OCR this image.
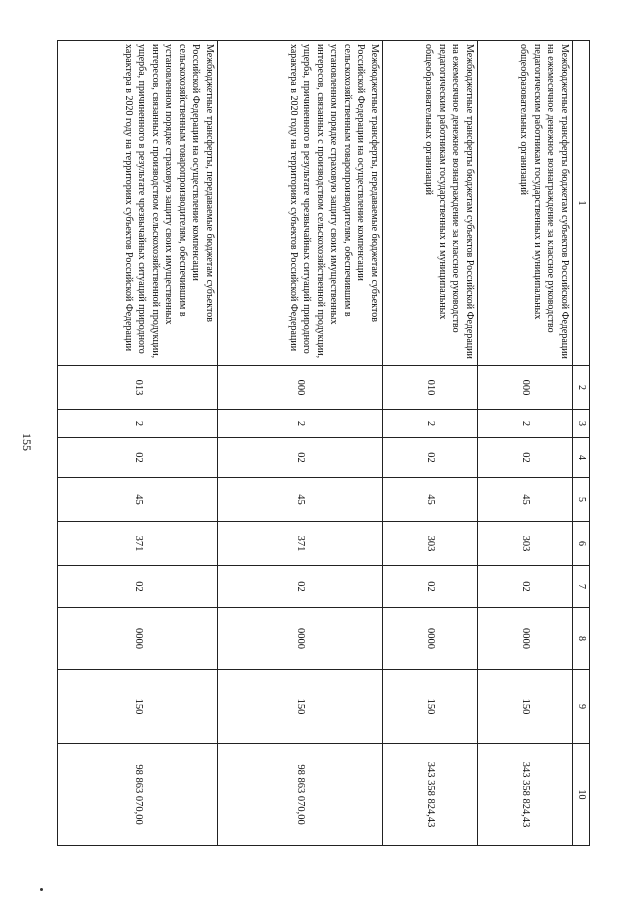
155
1	2	3	4	5	6	7	8	9	10
Межбюджетные трансферты бюджетам субъектов Российской Федерации на ежемесячное денежное вознаграждение за классное руководство педагогическим работникам государственных и муниципальных общеобразовательных организаций	000	2	02	45	303	02	0000	150	343 358 824,43
Межбюджетные трансферты бюджетам субъектов Российской Федерации на ежемесячное денежное вознаграждение за классное руководство педагогическим работникам государственных и муниципальных общеобразовательных организаций	010	2	02	45	303	02	0000	150	343 358 824,43
Межбюджетные трансферты, передаваемые бюджетам субъектов Российской Федерации на осуществление компенсации сельскохозяйственным товаропроизводителям, обеспечившим в установленном порядке страховую защиту своих имущественных интересов, связанных с производством сельскохозяйственной продукции, ущерба, причиненного в результате чрезвычайных ситуаций природного характера в 2020 году на территориях субъектов Российской Федерации	000	2	02	45	371	02	0000	150	98 863 070,00
Межбюджетные трансферты, передаваемые бюджетам субъектов Российской Федерации на осуществление компенсации сельскохозяйственным товаропроизводителям, обеспечившим в установленном порядке страховую защиту своих имущественных интересов, связанных с производством сельскохозяйственной продукции, ущерба, причиненного в результате чрезвычайных ситуаций природного характера в 2020 году на территориях субъектов Российской Федерации	013	2	02	45	371	02	0000	150	98 863 070,00
